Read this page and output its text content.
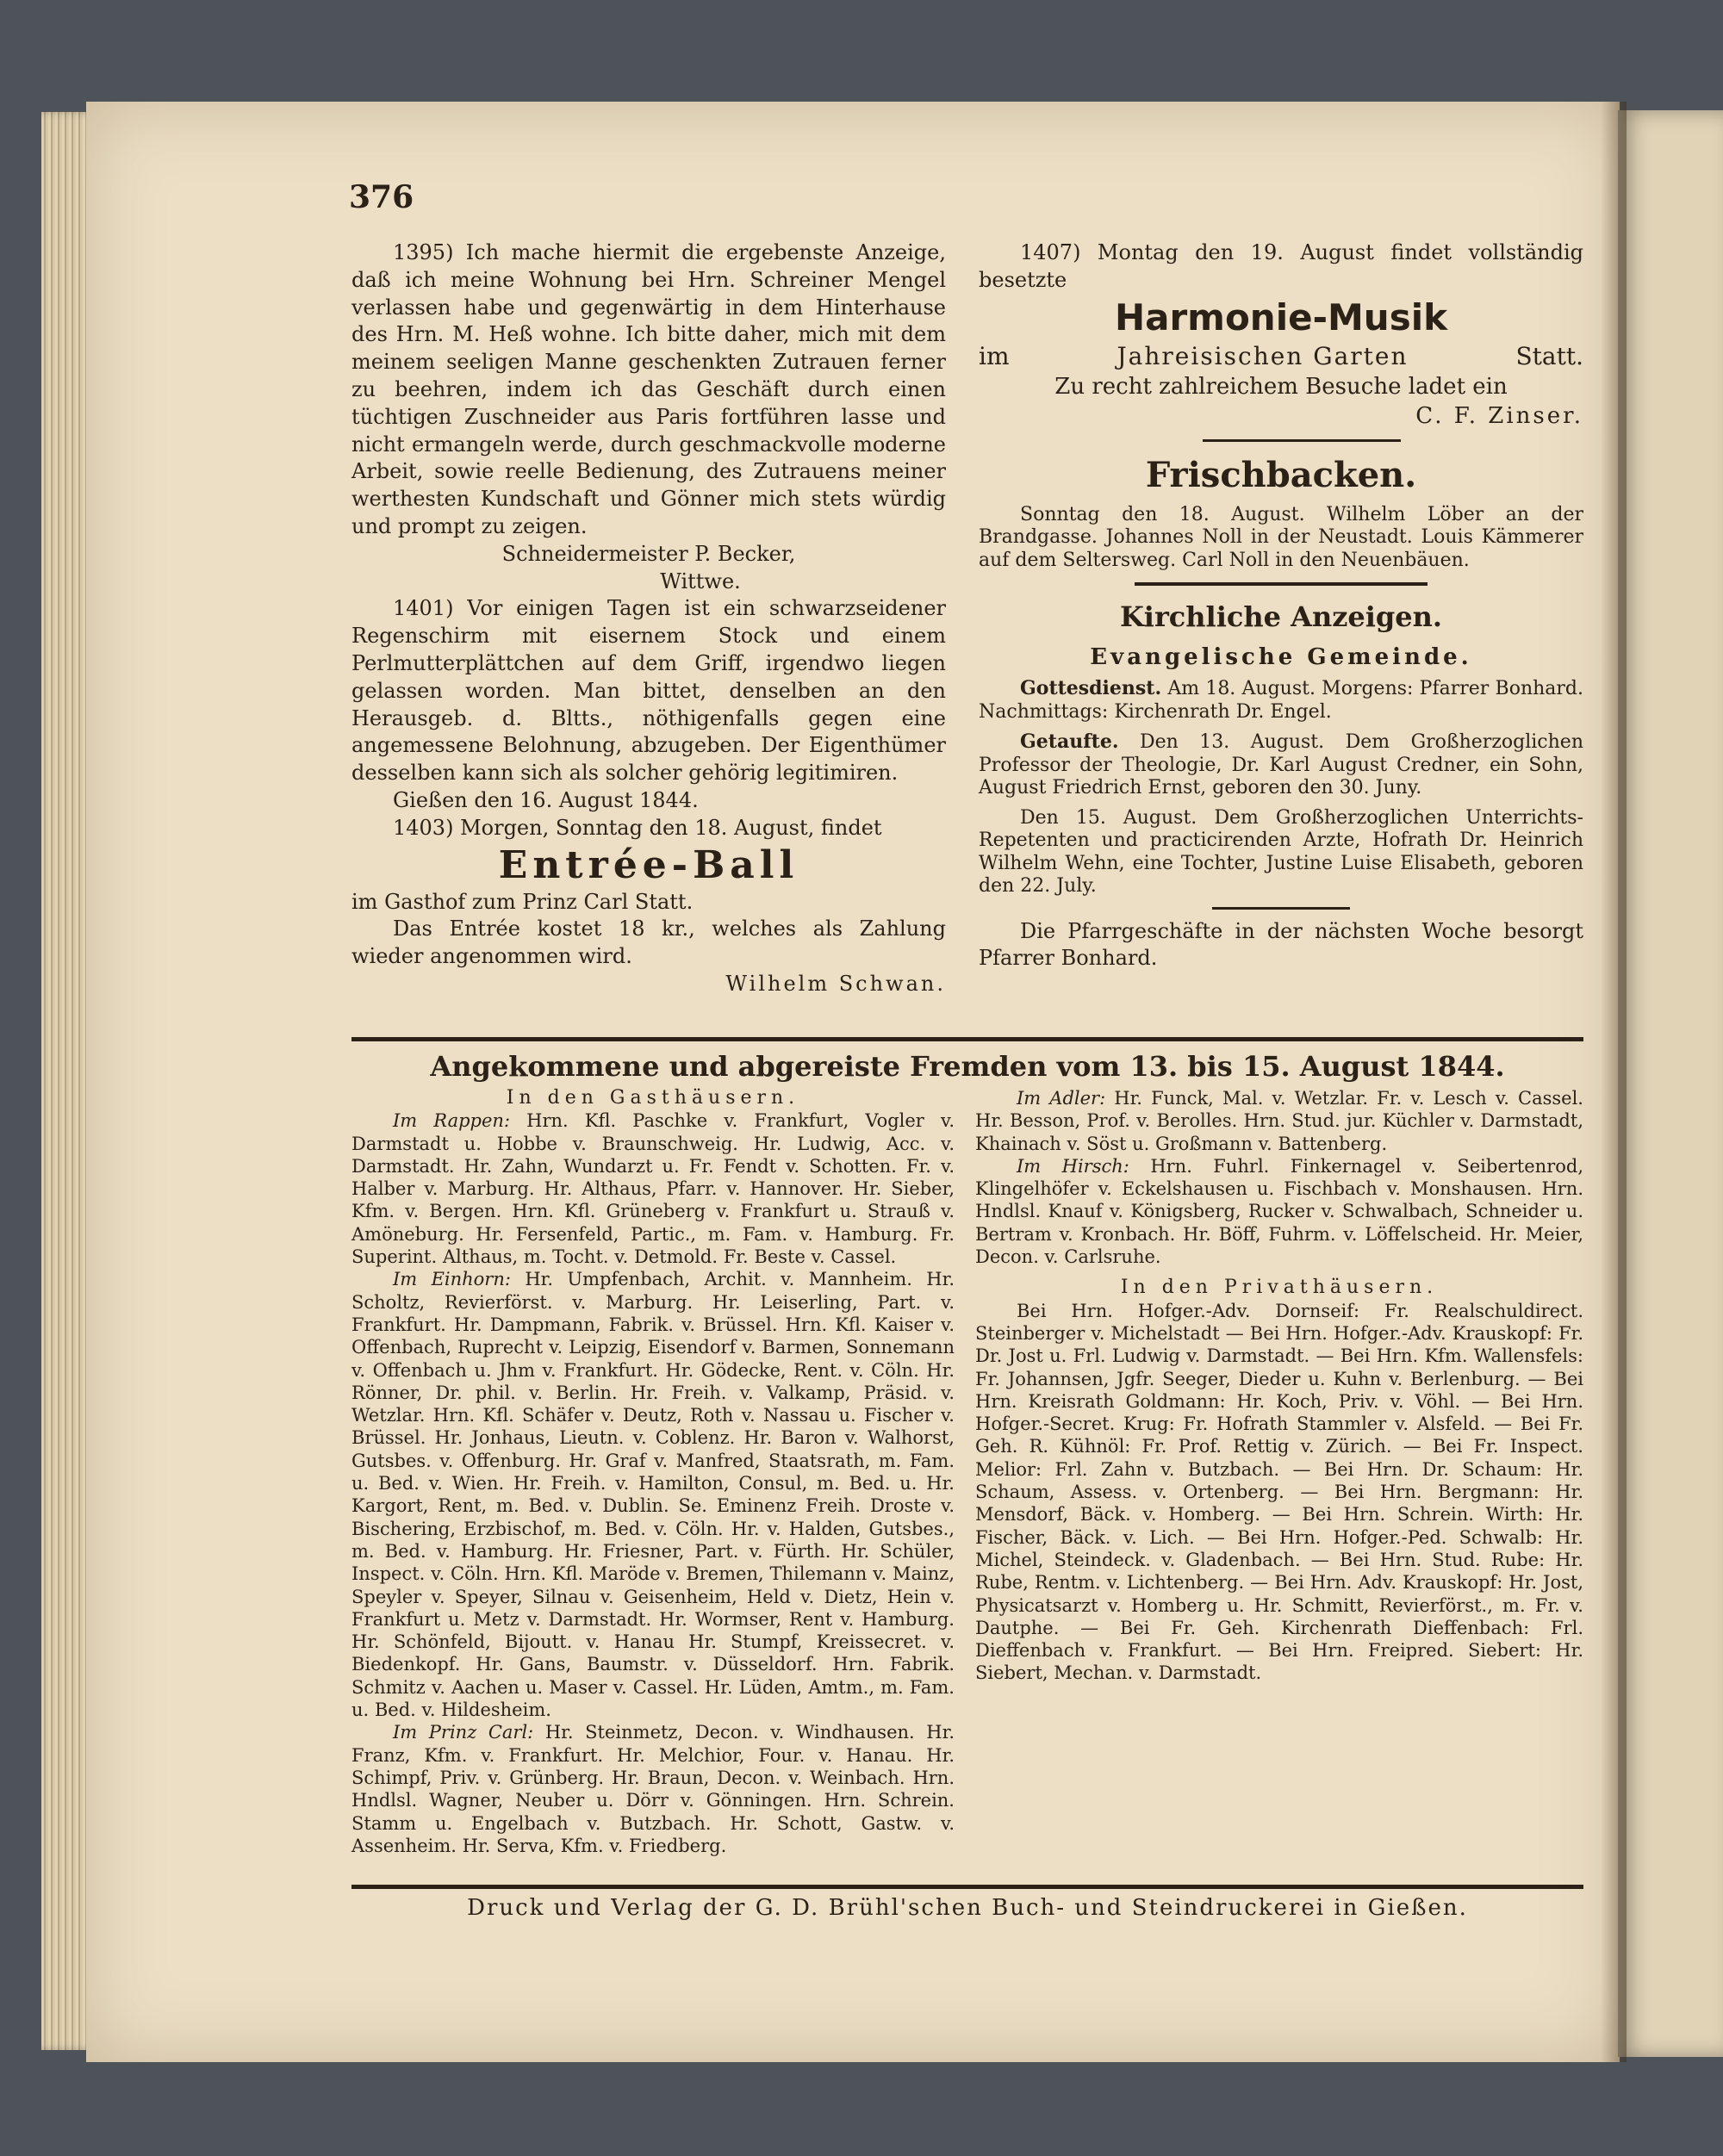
376

1395) Ich mache hiermit die ergebenste Anzeige, daß ich meine Wohnung bei Hrn. Schreiner Mengel verlassen habe und gegenwärtig in dem Hinterhause des Hrn. M. Heß wohne. Ich bitte daher, mich mit dem meinem seeligen Manne geschenkten Zutrauen ferner zu beehren, indem ich das Geschäft durch einen tüchtigen Zuschneider aus Paris fortführen lasse und nicht ermangeln werde, durch geschmackvolle moderne Arbeit, sowie reelle Bedienung, des Zutrauens meiner werthesten Kundschaft und Gönner mich stets würdig und prompt zu zeigen.

Schneidermeister P. Becker,

Wittwe.

1401) Vor einigen Tagen ist ein schwarzseidener Regenschirm mit eisernem Stock und einem Perlmutterplättchen auf dem Griff, irgendwo liegen gelassen worden. Man bittet, denselben an den Herausgeb. d. Bltts., nöthigenfalls gegen eine angemessene Belohnung, abzugeben. Der Eigenthümer desselben kann sich als solcher gehörig legitimiren.

Gießen den 16. August 1844.

1403) Morgen, Sonntag den 18. August, findet

Entrée-Ball

im Gasthof zum Prinz Carl Statt.

Das Entrée kostet 18 kr., welches als Zahlung wieder angenommen wird.

Wilhelm Schwan.

1407) Montag den 19. August findet vollständig besetzte

Harmonie-Musik
im	Jahreisischen Garten	Statt.

Zu recht zahlreichem Besuche ladet ein

C. F. Zinser.

Frischbacken.

Sonntag den 18. August. Wilhelm Löber an der Brandgasse. Johannes Noll in der Neustadt. Louis Kämmerer auf dem Seltersweg. Carl Noll in den Neuenbäuen.

Kirchliche Anzeigen.
Evangelische Gemeinde.

Gottesdienst. Am 18. August. Morgens: Pfarrer Bonhard. Nachmittags: Kirchenrath Dr. Engel.

Getaufte. Den 13. August. Dem Großherzoglichen Professor der Theologie, Dr. Karl August Credner, ein Sohn, August Friedrich Ernst, geboren den 30. Juny.

Den 15. August. Dem Großherzoglichen Unterrichts-Repetenten und practicirenden Arzte, Hofrath Dr. Heinrich Wilhelm Wehn, eine Tochter, Justine Luise Elisabeth, geboren den 22. July.

Die Pfarrgeschäfte in der nächsten Woche besorgt Pfarrer Bonhard.

Angekommene und abgereiste Fremden vom 13. bis 15. August 1844.
In den Gasthäusern.

Im Rappen: Hrn. Kfl. Paschke v. Frankfurt, Vogler v. Darmstadt u. Hobbe v. Braunschweig. Hr. Ludwig, Acc. v. Darmstadt. Hr. Zahn, Wundarzt u. Fr. Fendt v. Schotten. Fr. v. Halber v. Marburg. Hr. Althaus, Pfarr. v. Hannover. Hr. Sieber, Kfm. v. Bergen. Hrn. Kfl. Grüneberg v. Frankfurt u. Strauß v. Amöneburg. Hr. Fersenfeld, Partic., m. Fam. v. Hamburg. Fr. Superint. Althaus, m. Tocht. v. Detmold. Fr. Beste v. Cassel.

Im Einhorn: Hr. Umpfenbach, Archit. v. Mannheim. Hr. Scholtz, Revierförst. v. Marburg. Hr. Leiserling, Part. v. Frankfurt. Hr. Dampmann, Fabrik. v. Brüssel. Hrn. Kfl. Kaiser v. Offenbach, Ruprecht v. Leipzig, Eisendorf v. Barmen, Sonnemann v. Offenbach u. Jhm v. Frankfurt. Hr. Gödecke, Rent. v. Cöln. Hr. Rönner, Dr. phil. v. Berlin. Hr. Freih. v. Valkamp, Präsid. v. Wetzlar. Hrn. Kfl. Schäfer v. Deutz, Roth v. Nassau u. Fischer v. Brüssel. Hr. Jonhaus, Lieutn. v. Coblenz. Hr. Baron v. Walhorst, Gutsbes. v. Offenburg. Hr. Graf v. Manfred, Staatsrath, m. Fam. u. Bed. v. Wien. Hr. Freih. v. Hamilton, Consul, m. Bed. u. Hr. Kargort, Rent, m. Bed. v. Dublin. Se. Eminenz Freih. Droste v. Bischering, Erzbischof, m. Bed. v. Cöln. Hr. v. Halden, Gutsbes., m. Bed. v. Hamburg. Hr. Friesner, Part. v. Fürth. Hr. Schüler, Inspect. v. Cöln. Hrn. Kfl. Maröde v. Bremen, Thilemann v. Mainz, Speyler v. Speyer, Silnau v. Geisenheim, Held v. Dietz, Hein v. Frankfurt u. Metz v. Darmstadt. Hr. Wormser, Rent v. Hamburg. Hr. Schönfeld, Bijoutt. v. Hanau Hr. Stumpf, Kreissecret. v. Biedenkopf. Hr. Gans, Baumstr. v. Düsseldorf. Hrn. Fabrik. Schmitz v. Aachen u. Maser v. Cassel. Hr. Lüden, Amtm., m. Fam. u. Bed. v. Hildesheim.

Im Prinz Carl: Hr. Steinmetz, Decon. v. Windhausen. Hr. Franz, Kfm. v. Frankfurt. Hr. Melchior, Four. v. Hanau. Hr. Schimpf, Priv. v. Grünberg. Hr. Braun, Decon. v. Weinbach. Hrn. Hndlsl. Wagner, Neuber u. Dörr v. Gönningen. Hrn. Schrein. Stamm u. Engelbach v. Butzbach. Hr. Schott, Gastw. v. Assenheim. Hr. Serva, Kfm. v. Friedberg.

Im Adler: Hr. Funck, Mal. v. Wetzlar. Fr. v. Lesch v. Cassel. Hr. Besson, Prof. v. Berolles. Hrn. Stud. jur. Küchler v. Darmstadt, Khainach v. Söst u. Großmann v. Battenberg.

Im Hirsch: Hrn. Fuhrl. Finkernagel v. Seibertenrod, Klingelhöfer v. Eckelshausen u. Fischbach v. Monshausen. Hrn. Hndlsl. Knauf v. Königsberg, Rucker v. Schwalbach, Schneider u. Bertram v. Kronbach. Hr. Böff, Fuhrm. v. Löffelscheid. Hr. Meier, Decon. v. Carlsruhe.

In den Privathäusern.

Bei Hrn. Hofger.-Adv. Dornseif: Fr. Realschuldirect. Steinberger v. Michelstadt — Bei Hrn. Hofger.-Adv. Krauskopf: Fr. Dr. Jost u. Frl. Ludwig v. Darmstadt. — Bei Hrn. Kfm. Wallensfels: Fr. Johannsen, Jgfr. Seeger, Dieder u. Kuhn v. Berlenburg. — Bei Hrn. Kreisrath Goldmann: Hr. Koch, Priv. v. Vöhl. — Bei Hrn. Hofger.-Secret. Krug: Fr. Hofrath Stammler v. Alsfeld. — Bei Fr. Geh. R. Kühnöl: Fr. Prof. Rettig v. Zürich. — Bei Fr. Inspect. Melior: Frl. Zahn v. Butzbach. — Bei Hrn. Dr. Schaum: Hr. Schaum, Assess. v. Ortenberg. — Bei Hrn. Bergmann: Hr. Mensdorf, Bäck. v. Homberg. — Bei Hrn. Schrein. Wirth: Hr. Fischer, Bäck. v. Lich. — Bei Hrn. Hofger.-Ped. Schwalb: Hr. Michel, Steindeck. v. Gladenbach. — Bei Hrn. Stud. Rube: Hr. Rube, Rentm. v. Lichtenberg. — Bei Hrn. Adv. Krauskopf: Hr. Jost, Physicatsarzt v. Homberg u. Hr. Schmitt, Revierförst., m. Fr. v. Dautphe. — Bei Fr. Geh. Kirchenrath Dieffenbach: Frl. Dieffenbach v. Frankfurt. — Bei Hrn. Freipred. Siebert: Hr. Siebert, Mechan. v. Darmstadt.

Druck und Verlag der G. D. Brühl'schen Buch- und Steindruckerei in Gießen.
